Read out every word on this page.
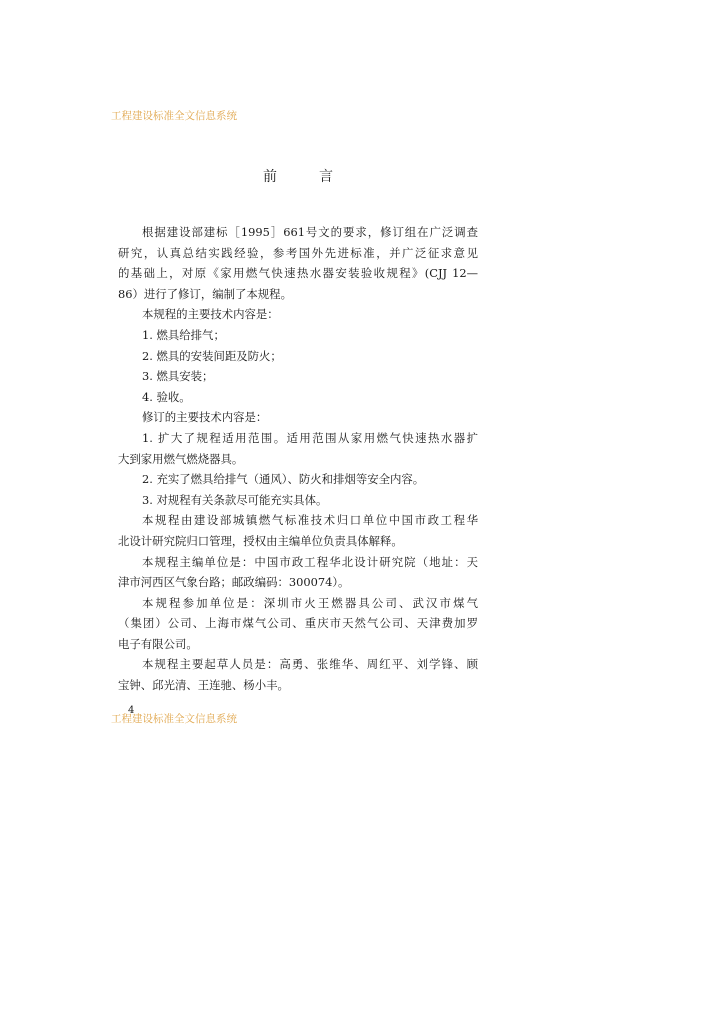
工程建设标准全文信息系统
前	言
根据建设部建标［1995］661号文的要求，修订组在广泛调查
研究，认真总结实践经验，参考国外先进标准，并广泛征求意见
的基础上，对原《家用燃气快速热水器安装验收规程》(CJJ 12—
86）进行了修订，编制了本规程。
本规程的主要技术内容是：
1. 燃具给排气；
2. 燃具的安装间距及防火；
3. 燃具安装；
4. 验收。
修订的主要技术内容是：
1. 扩大了规程适用范围。适用范围从家用燃气快速热水器扩
大到家用燃气燃烧器具。
2. 充实了燃具给排气（通风）、防火和排烟等安全内容。
3. 对规程有关条款尽可能充实具体。
本规程由建设部城镇燃气标准技术归口单位中国市政工程华
北设计研究院归口管理，授权由主编单位负责具体解释。
本规程主编单位是：中国市政工程华北设计研究院（地址：天
津市河西区气象台路；邮政编码：300074）。
本规程参加单位是：深圳市火王燃器具公司、武汉市煤气
（集团）公司、上海市煤气公司、重庆市天然气公司、天津费加罗
电子有限公司。
本规程主要起草人员是：高勇、张维华、周红平、刘学锋、顾
宝钟、邱光清、王连驰、杨小丰。
工程建设标准全文信息系统
4
